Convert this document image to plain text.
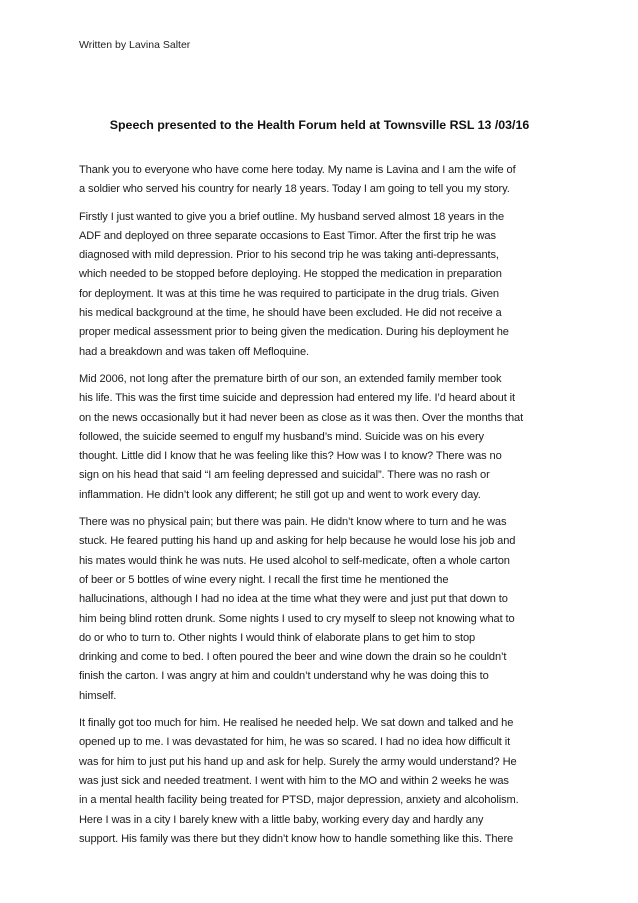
Written by Lavina Salter
Speech presented to the Health Forum held at Townsville RSL 13 /03/16
Thank you to everyone who have come here today. My name is Lavina and I am the wife of
a soldier who served his country for nearly 18 years. Today I am going to tell you my story.
Firstly I just wanted to give you a brief outline. My husband served almost 18 years in the
ADF and deployed on three separate occasions to East Timor. After the first trip he was
diagnosed with mild depression. Prior to his second trip he was taking anti-depressants,
which needed to be stopped before deploying. He stopped the medication in preparation
for deployment. It was at this time he was required to participate in the drug trials. Given
his medical background at the time, he should have been excluded. He did not receive a
proper medical assessment prior to being given the medication. During his deployment he
had a breakdown and was taken off Mefloquine.
Mid 2006, not long after the premature birth of our son, an extended family member took
his life. This was the first time suicide and depression had entered my life. I’d heard about it
on the news occasionally but it had never been as close as it was then. Over the months that
followed, the suicide seemed to engulf my husband’s mind. Suicide was on his every
thought. Little did I know that he was feeling like this? How was I to know? There was no
sign on his head that said “I am feeling depressed and suicidal”. There was no rash or
inflammation. He didn’t look any different; he still got up and went to work every day.
There was no physical pain; but there was pain. He didn’t know where to turn and he was
stuck. He feared putting his hand up and asking for help because he would lose his job and
his mates would think he was nuts. He used alcohol to self-medicate, often a whole carton
of beer or 5 bottles of wine every night. I recall the first time he mentioned the
hallucinations, although I had no idea at the time what they were and just put that down to
him being blind rotten drunk. Some nights I used to cry myself to sleep not knowing what to
do or who to turn to. Other nights I would think of elaborate plans to get him to stop
drinking and come to bed. I often poured the beer and wine down the drain so he couldn’t
finish the carton. I was angry at him and couldn’t understand why he was doing this to
himself.
It finally got too much for him. He realised he needed help. We sat down and talked and he
opened up to me. I was devastated for him, he was so scared. I had no idea how difficult it
was for him to just put his hand up and ask for help. Surely the army would understand? He
was just sick and needed treatment. I went with him to the MO and within 2 weeks he was
in a mental health facility being treated for PTSD, major depression, anxiety and alcoholism.
Here I was in a city I barely knew with a little baby, working every day and hardly any
support. His family was there but they didn’t know how to handle something like this. There
